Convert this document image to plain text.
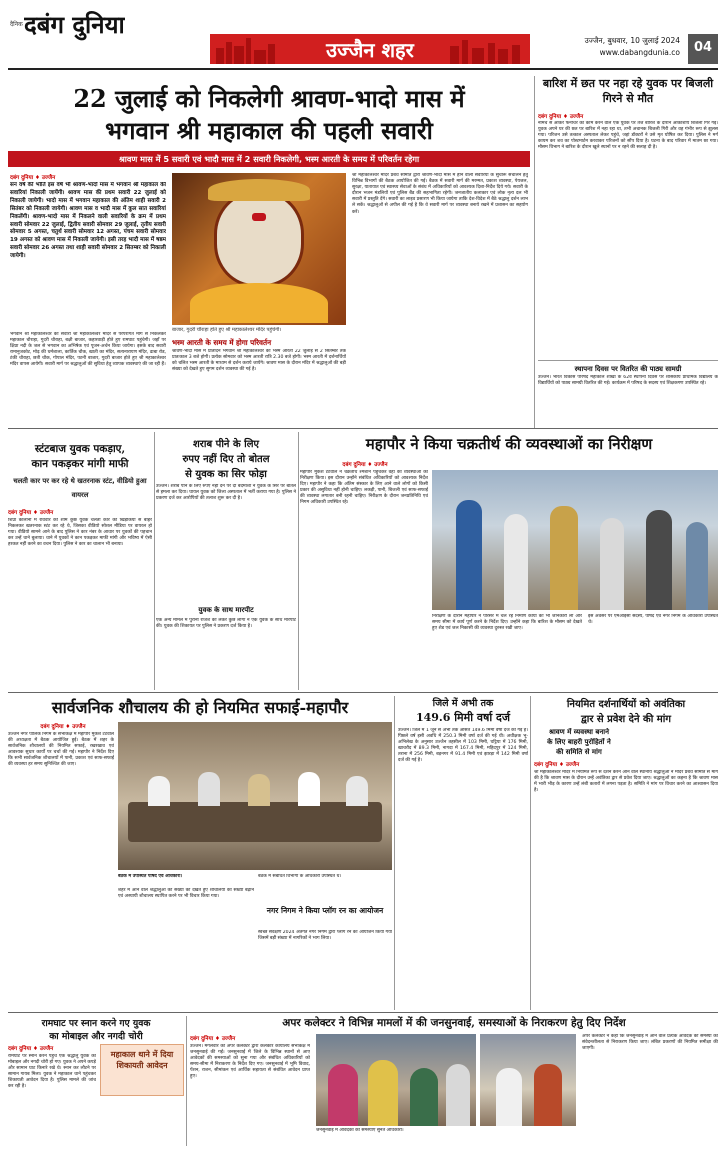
दैनिक दबंग दुनिया
उज्जैन शहर	उज्जैन, बुधवार, 10 जुलाई 2024
www.dabangdunia.co	04
22 जुलाई को निकलेगी श्रावण-भादो मास में
भगवान श्री महाकाल की पहली सवारी
श्रावण मास में 5 सवारी एवं भादौ मास में 2 सवारी निकलेगी, भस्म आरती के समय में परिवर्तन रहेगा
दबंग दुनिया ♦ उज्जैन
सन वर्ष की भाँति इस वर्ष भी श्रावण-भादो मास में भगवान श्री महाकाल की सवारियां निकाली जायेंगी। श्रावण मास की प्रथम सवारी 22 जुलाई को निकाली जायेगी। भादो मास में भगवान महाकाल की अंतिम शाही सवारी 2 सितंबर को निकाली जायेगी। श्रावण मास व भादौ मास में कुल सात सवारियां निकलेंगी। श्रावण-भादो मास में निकलने वाली सवारियों के क्रम में प्रथम सवारी सोमवार 22 जुलाई, द्वितीय सवारी सोमवार 29 जुलाई, तृतीय सवारी सोमवार 5 अगस्त, चतुर्थ सवारी सोमवार 12 अगस्त, पंचम सवारी सोमवार 19 अगस्त को श्रावण मास में निकाली जायेगी। इसी तरह भादौ मास में षष्ठम सवारी सोमवार 26 अगस्त तथा शाही सवारी सोमवार 2 सितम्बर को निकाली जायेगी।
भगवान श्री महाकालेश्वर की सवारी श्री महाकालेश्वर मंदिर से परंपरागत मार्ग से निकलकर महाकाल चौराहा, गुदरी चौराहा, बक्षी बाजार, कहारवाड़ी होते हुए रामघाट पहुंचेगी। जहाँ पर क्षिप्रा नदी के जल से भगवान का अभिषेक एवं पूजन-अर्चन किया जायेगा। इसके बाद सवारी रामानुजकोट, मोढ़ की धर्मशाला, कार्तिक चौक, खाती का मंदिर, सत्यनारायण मंदिर, ढाबा रोड, टंकी चौराहा, छत्री चौक, गोपाल मंदिर, पटनी बाजार, गुदरी बाजार होते हुए श्री महाकालेश्वर मंदिर वापस आयेगी। सवारी मार्ग पर श्रद्धालुओं की सुविधा हेतु व्यापक व्यवस्थाएं की जा रही हैं।
बाजार, गुदरी चौराहा होते हुए श्री महाकालेश्वर मंदिर पहुंचेगी।
भस्म आरती के समय में होगा परिवर्तन
श्रावण-भादो मास में प्रतिदिन भगवान श्री महाकालेश्वर की भस्म आरती 22 जुलाई से 2 सितम्बर तक प्रातःकाल 3 बजे होगी। प्रत्येक सोमवार को भस्म आरती रात्रि 2.30 बजे होगी। भस्म आरती में दर्शनार्थियों को चलित भस्म आरती के माध्यम से दर्शन कराये जायेंगे। श्रावण मास के दौरान मंदिर में श्रद्धालुओं की बड़ी संख्या को देखते हुए सुगम दर्शन व्यवस्था की गई है।
श्री महाकालेश्वर मंदिर प्रबंध समिति द्वारा श्रावण-भादो मास में होने वाली सवारियों के सुचारू संचालन हेतु विभिन्न विभागों की बैठक आयोजित की गई। बैठक में सवारी मार्ग की मरम्मत, प्रकाश व्यवस्था, पेयजल, सुरक्षा, यातायात एवं स्वास्थ्य सेवाओं के संबंध में अधिकारियों को आवश्यक दिशा-निर्देश दिये गये। सवारी के दौरान भजन मंडलियों एवं पुलिस बैंड की सहभागिता रहेगी। जनजातीय कलाकार एवं लोक नृत्य दल भी सवारी में प्रस्तुति देंगे। सवारी का लाइव प्रसारण भी किया जायेगा ताकि देश-विदेश में बैठे श्रद्धालु दर्शन लाभ ले सकें। श्रद्धालुओं से अपील की गई है कि वे सवारी मार्ग पर व्यवस्था बनाये रखने में प्रशासन का सहयोग करें।
बारिश में छत पर नहा रहे युवक पर बिजली गिरने से मौत
दबंग दुनिया ♦ उज्जैन
नीमच से आकर फर्नीचर का काम करने वाले एक युवक पर तेज बारिश के दौरान आकाशीय बिजली गिर गई। युवक अपने घर की छत पर बारिश में नहा रहा था, तभी अचानक बिजली गिरी और वह गंभीर रूप से झुलस गया। परिजन उसे तत्काल अस्पताल लेकर पहुंचे, जहां डॉक्टरों ने उसे मृत घोषित कर दिया। पुलिस ने मर्ग कायम कर शव का पोस्टमार्टम करवाकर परिजनों को सौंप दिया है। घटना के बाद परिवार में मातम छा गया। मौसम विभाग ने बारिश के दौरान खुले स्थानों पर न रहने की सलाह दी है।
स्थापना दिवस पर वितरित की पाठ्य सामग्री
उज्जैन। भारत विकास परिषद महाकाल शाखा के 62वें स्थापना दिवस पर शासकीय प्राथमिक विद्यालय के विद्यार्थियों को पाठ्य सामग्री वितरित की गई। कार्यक्रम में परिषद के सदस्य एवं शिक्षकगण उपस्थित रहे।
स्टंटबाज युवक पकड़ाए,
कान पकड़कर मांगी माफी
चलती कार पर कर रहे थे खतरनाक स्टंट, वीडियो हुआ वायरल
दबंग दुनिया ♦ उज्जैन
शिप्रा कॉलोनी में रविवार की शाम कुछ युवक चलती कार की खिड़कियों से बाहर निकलकर खतरनाक स्टंट कर रहे थे, जिसका वीडियो सोशल मीडिया पर वायरल हो गया। वीडियो सामने आने के बाद पुलिस ने कार नंबर के आधार पर युवकों की पहचान कर उन्हें थाने बुलाया। थाने में युवकों ने कान पकड़कर माफी मांगी और भविष्य में ऐसी हरकत नहीं करने का वचन दिया। पुलिस ने कार का चालान भी बनाया।
शराब पीने के लिए
रुपए नहीं दिए तो बोतल
से युवक का सिर फोड़ा
उज्जैन। शराब पीने के लिए रुपए नहीं देने पर दो बदमाशों ने युवक के सिर पर बोतल से हमला कर दिया। घायल युवक को जिला अस्पताल में भर्ती कराया गया है। पुलिस ने प्रकरण दर्ज कर आरोपियों की तलाश शुरू कर दी है।
युवक के साथ मारपीट
एक अन्य मामले में पुरानी रंजिश को लेकर कुछ लोगों ने एक युवक के साथ मारपीट की। युवक की शिकायत पर पुलिस ने प्रकरण दर्ज किया है।
महापौर ने किया चक्रतीर्थ की व्यवस्थाओं का निरीक्षण
दबंग दुनिया ♦ उज्जैन
महापौर मुकेश टटवाल ने चक्रतीर्थ श्मशान पहुंचकर वहां की व्यवस्थाओं का निरीक्षण किया। इस दौरान उन्होंने संबंधित अधिकारियों को आवश्यक निर्देश दिए। महापौर ने कहा कि अंतिम संस्कार के लिए आने वाले लोगों को किसी प्रकार की असुविधा नहीं होनी चाहिए। लकड़ी, पानी, बिजली एवं साफ-सफाई की व्यवस्था लगातार बनी रहनी चाहिए। निरीक्षण के दौरान जनप्रतिनिधि एवं निगम अधिकारी उपस्थित रहे।
निरीक्षण के दौरान महापौर ने परिसर में चल रहे निर्माण कार्यों की भी जानकारी ली और समय सीमा में कार्य पूर्ण करने के निर्देश दिए। उन्होंने कहा कि बारिश के मौसम को देखते हुए शेड एवं जल निकासी की व्यवस्था दुरुस्त रखी जाए।
इस अवसर पर एमआईसी सदस्य, पार्षद एवं नगर निगम के अधिकारी उपस्थित थे।
सार्वजनिक शौचालय की हो नियमित सफाई-महापौर
दबंग दुनिया ♦ उज्जैन
उज्जैन नगर पालिक निगम के सभाकक्ष में महापौर मुकेश टटवाल की अध्यक्षता में बैठक आयोजित हुई। बैठक में शहर के सार्वजनिक शौचालयों की नियमित सफाई, रखरखाव एवं आवश्यक सुधार कार्यों पर चर्चा की गई। महापौर ने निर्देश दिए कि सभी सार्वजनिक शौचालयों में पानी, प्रकाश एवं साफ-सफाई की व्यवस्था हर समय सुनिश्चित की जाए।
बैठक में उपस्थित पार्षद एवं अधिकारी।
शहर में आने वाले श्रद्धालुओं की संख्या को देखते हुए शौचालयों की संख्या बढ़ाने एवं अस्थायी शौचालय स्थापित करने पर भी विचार किया गया।
बैठक में संबंधित विभागों के अधिकारी उपस्थित थे।
नगर निगम ने किया प्लॉग रन का आयोजन
स्वच्छ सर्वेक्षण 2024 अंतर्गत नगर निगम द्वारा प्लॉग रन का आयोजन किया गया जिसमें बड़ी संख्या में नागरिकों ने भाग लिया।
जिले में अभी तक
149.6 मिमी वर्षा दर्ज
उज्जैन। जिले में 1 जून से अभी तक औसत 149.6 मिमी वर्षा दर्ज की गई है। पिछले वर्ष इसी अवधि में 250.3 मिमी वर्षा दर्ज की गई थी। अधीक्षक भू-अभिलेख के अनुसार उज्जैन तहसील में 103 मिमी, घट्टिया में 176 मिमी, खाचरौद में 89.3 मिमी, नागदा में 167.4 मिमी, महिदपुर में 124 मिमी, तराना में 256 मिमी, बड़नगर में 91.4 मिमी एवं झारड़ा में 142 मिमी वर्षा दर्ज की गई है।
नियमित दर्शनार्थियों को अवंतिका
द्वार से प्रवेश देने की मांग
श्रावण में व्यवस्था बनाने
के लिए बाहरी पुरोहितों ने
की समिति से मांग
दबंग दुनिया ♦ उज्जैन
श्री महाकालेश्वर मंदिर में नियमित रूप से दर्शन करने आने वाले स्थानीय श्रद्धालुओं ने मंदिर प्रबंध समिति से मांग की है कि श्रावण मास के दौरान उन्हें अवंतिका द्वार से प्रवेश दिया जाए। श्रद्धालुओं का कहना है कि श्रावण मास में भारी भीड़ के कारण उन्हें लंबी कतारों में लगना पड़ता है। समिति ने मांग पर विचार करने का आश्वासन दिया है।
रामघाट पर स्नान करने गए युवक
का मोबाइल और नगदी चोरी
दबंग दुनिया ♦ उज्जैन
महाकाल थाने में दिया शिकायती आवेदन
रामघाट पर स्नान करने पहुंचे एक श्रद्धालु युवक का मोबाइल और नगदी चोरी हो गए। युवक ने अपने कपड़े और सामान घाट किनारे रखे थे। स्नान कर लौटने पर सामान गायब मिला। युवक ने महाकाल थाने पहुंचकर शिकायती आवेदन दिया है। पुलिस मामले की जांच कर रही है।
अपर कलेक्टर ने विभिन्न मामलों में की जनसुनवाई, समस्याओं के निराकरण हेतु दिए निर्देश
दबंग दुनिया ♦ उज्जैन
उज्जैन। मंगलवार को अपर कलेक्टर द्वारा कलेक्टर कार्यालय सभाकक्ष में जनसुनवाई की गई। जनसुनवाई में जिले के विभिन्न स्थानों से आए आवेदकों की समस्याओं को सुना गया और संबंधित अधिकारियों को समय-सीमा में निराकरण के निर्देश दिए गए। जनसुनवाई में भूमि विवाद, पेंशन, राशन, सीमांकन एवं आर्थिक सहायता से संबंधित आवेदन प्राप्त हुए।
जनसुनवाई में आवेदकों की समस्याएं सुनते अधिकारी।
अपर कलेक्टर ने कहा कि जनसुनवाई में आने वाले प्रत्येक आवेदक की समस्या का संवेदनशीलता से निराकरण किया जाए। लंबित प्रकरणों की नियमित समीक्षा की जाएगी।
